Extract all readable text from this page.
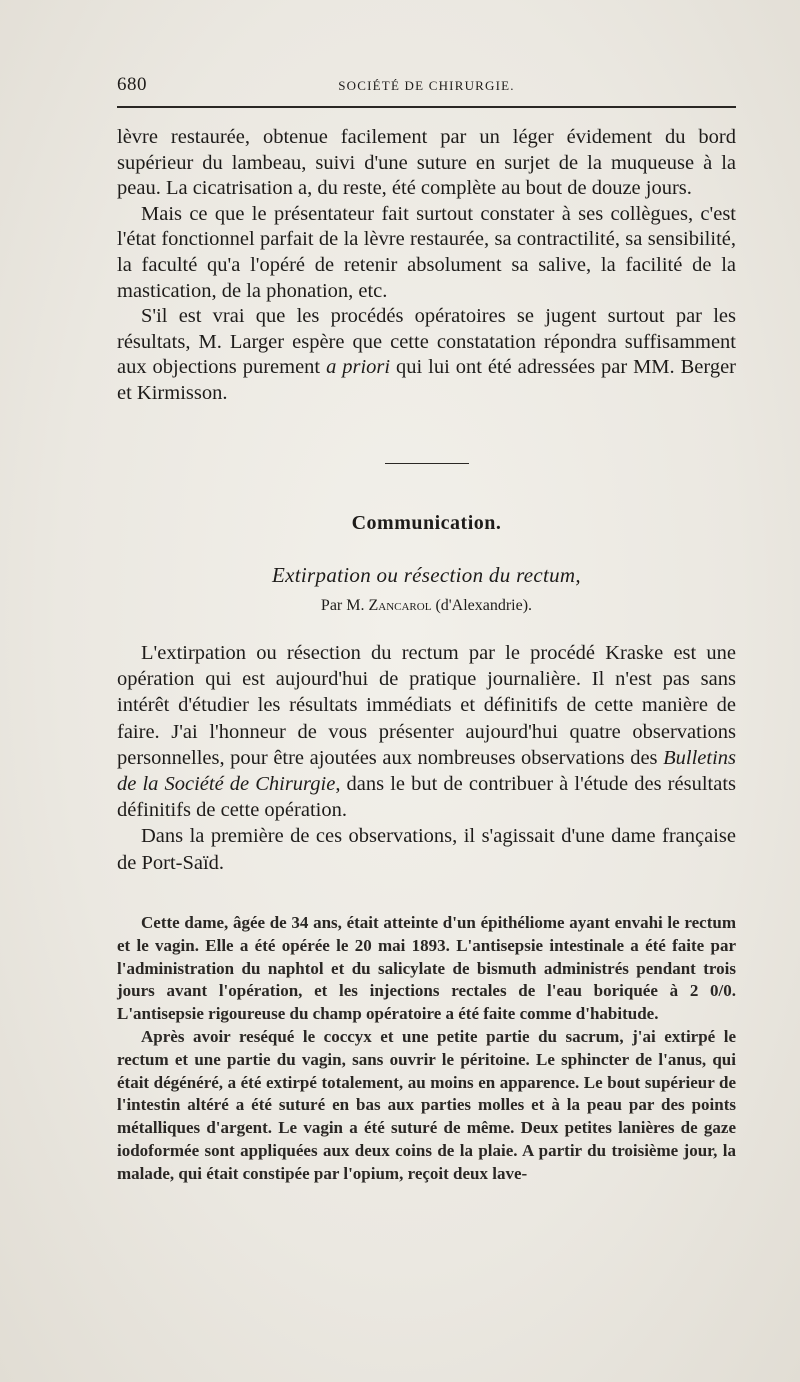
680	SOCIÉTÉ DE CHIRURGIE.

lèvre restaurée, obtenue facilement par un léger évidement du bord supérieur du lambeau, suivi d'une suture en surjet de la muqueuse à la peau. La cicatrisation a, du reste, été complète au bout de douze jours.

Mais ce que le présentateur fait surtout constater à ses collègues, c'est l'état fonctionnel parfait de la lèvre restaurée, sa contractilité, sa sensibilité, la faculté qu'a l'opéré de retenir absolument sa salive, la facilité de la mastication, de la phonation, etc.

S'il est vrai que les procédés opératoires se jugent surtout par les résultats, M. Larger espère que cette constatation répondra suffisamment aux objections purement a priori qui lui ont été adressées par MM. Berger et Kirmisson.

Communication.
Extirpation ou résection du rectum,
Par M. Zancarol (d'Alexandrie).

L'extirpation ou résection du rectum par le procédé Kraske est une opération qui est aujourd'hui de pratique journalière. Il n'est pas sans intérêt d'étudier les résultats immédiats et définitifs de cette manière de faire. J'ai l'honneur de vous présenter aujourd'hui quatre observations personnelles, pour être ajoutées aux nombreuses observations des Bulletins de la Société de Chirurgie, dans le but de contribuer à l'étude des résultats définitifs de cette opération.

Dans la première de ces observations, il s'agissait d'une dame française de Port-Saïd.

Cette dame, âgée de 34 ans, était atteinte d'un épithéliome ayant envahi le rectum et le vagin. Elle a été opérée le 20 mai 1893. L'antisepsie intestinale a été faite par l'administration du naphtol et du salicylate de bismuth administrés pendant trois jours avant l'opération, et les injections rectales de l'eau boriquée à 2 0/0. L'antisepsie rigoureuse du champ opératoire a été faite comme d'habitude.

Après avoir reséqué le coccyx et une petite partie du sacrum, j'ai extirpé le rectum et une partie du vagin, sans ouvrir le péritoine. Le sphincter de l'anus, qui était dégénéré, a été extirpé totalement, au moins en apparence. Le bout supérieur de l'intestin altéré a été suturé en bas aux parties molles et à la peau par des points métalliques d'argent. Le vagin a été suturé de même. Deux petites lanières de gaze iodoformée sont appliquées aux deux coins de la plaie. A partir du troisième jour, la malade, qui était constipée par l'opium, reçoit deux lave-
